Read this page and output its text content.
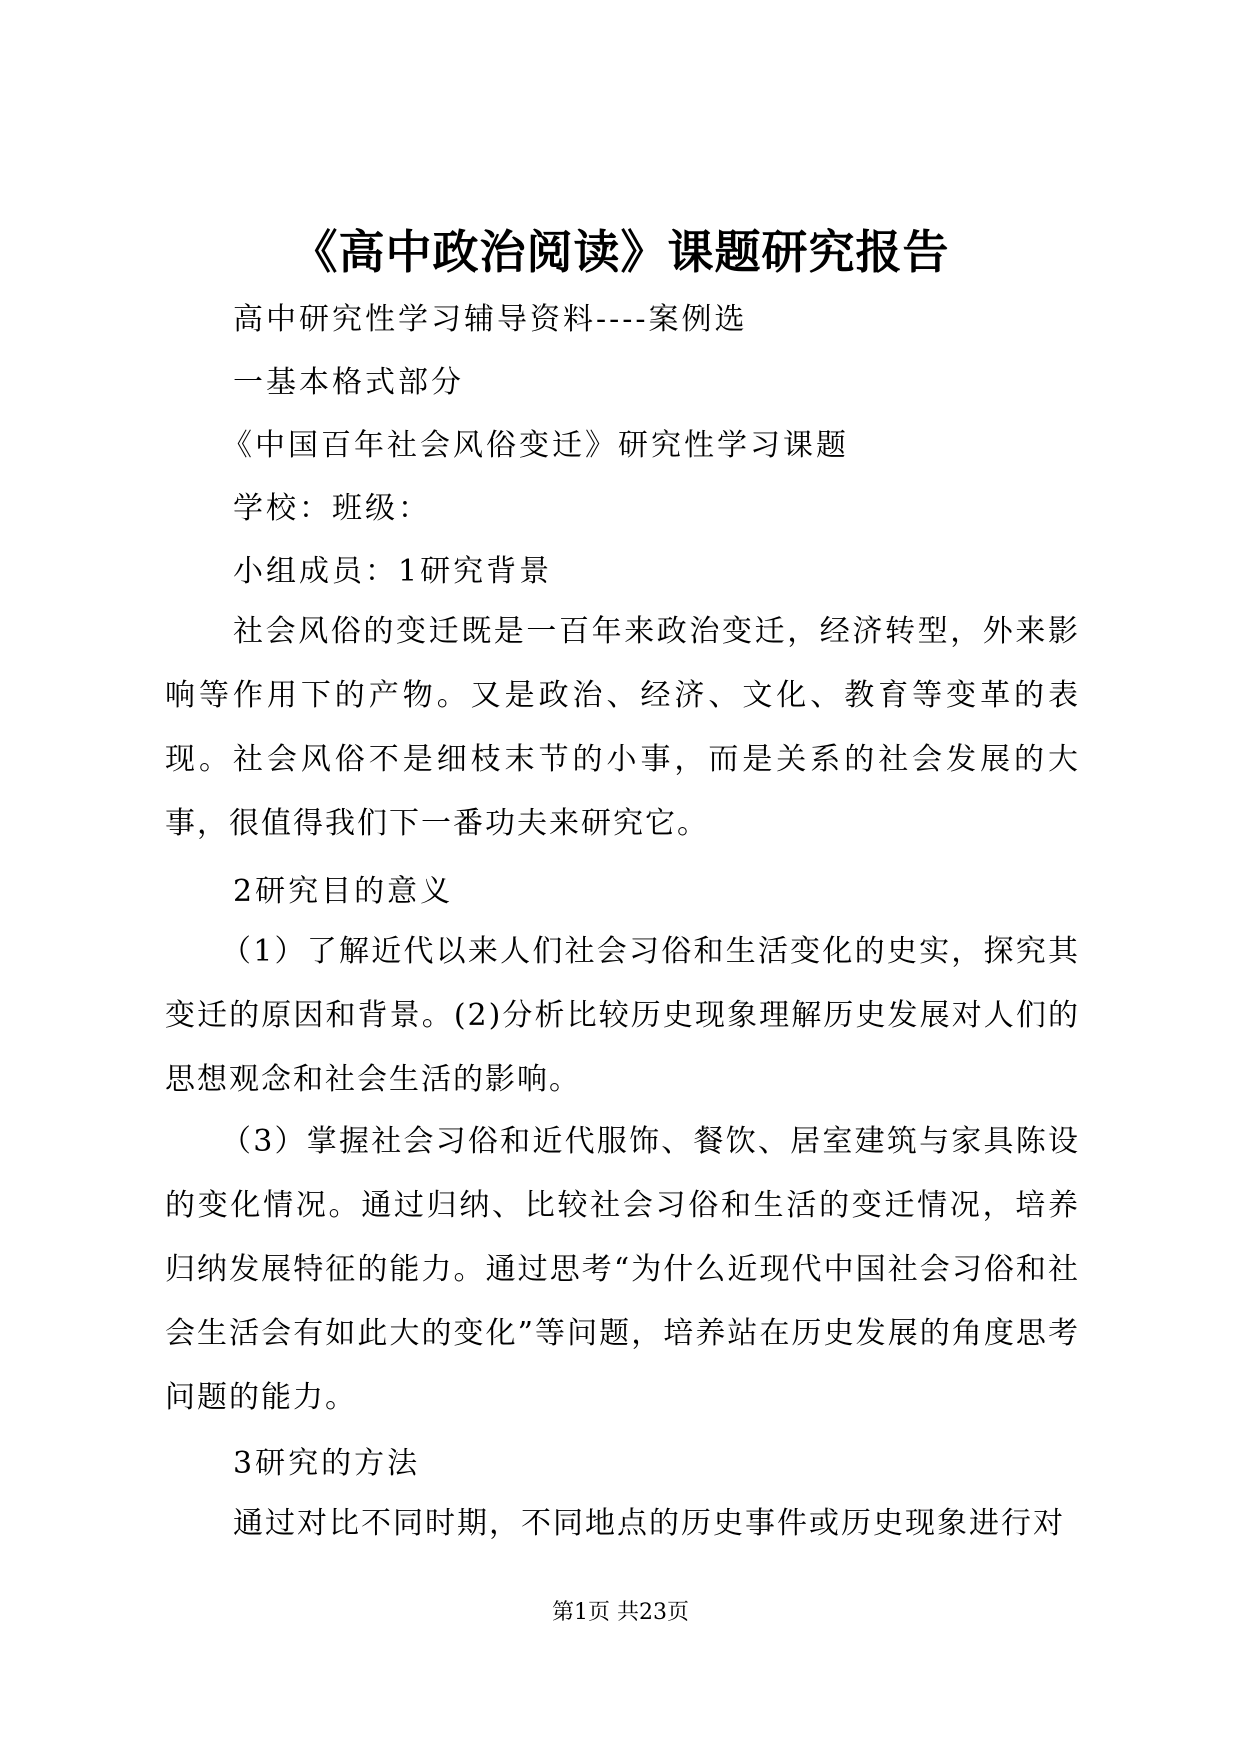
《高中政治阅读》课题研究报告
高中研究性学习辅导资料----案例选
一基本格式部分
《中国百年社会风俗变迁》研究性学习课题
学校：班级：
小组成员：1研究背景

社会风俗的变迁既是一百年来政治变迁，经济转型，外来影响等作用下的产物。又是政治、经济、文化、教育等变革的表现。社会风俗不是细枝末节的小事，而是关系的社会发展的大事，很值得我们下一番功夫来研究它。

2研究目的意义

（1）了解近代以来人们社会习俗和生活变化的史实，探究其变迁的原因和背景。(2)分析比较历史现象理解历史发展对人们的思想观念和社会生活的影响。

（3）掌握社会习俗和近代服饰、餐饮、居室建筑与家具陈设的变化情况。通过归纳、比较社会习俗和生活的变迁情况，培养归纳发展特征的能力。通过思考“为什么近现代中国社会习俗和社会生活会有如此大的变化”等问题，培养站在历史发展的角度思考问题的能力。

3研究的方法

通过对比不同时期，不同地点的历史事件或历史现象进行对

第1页 共23页
